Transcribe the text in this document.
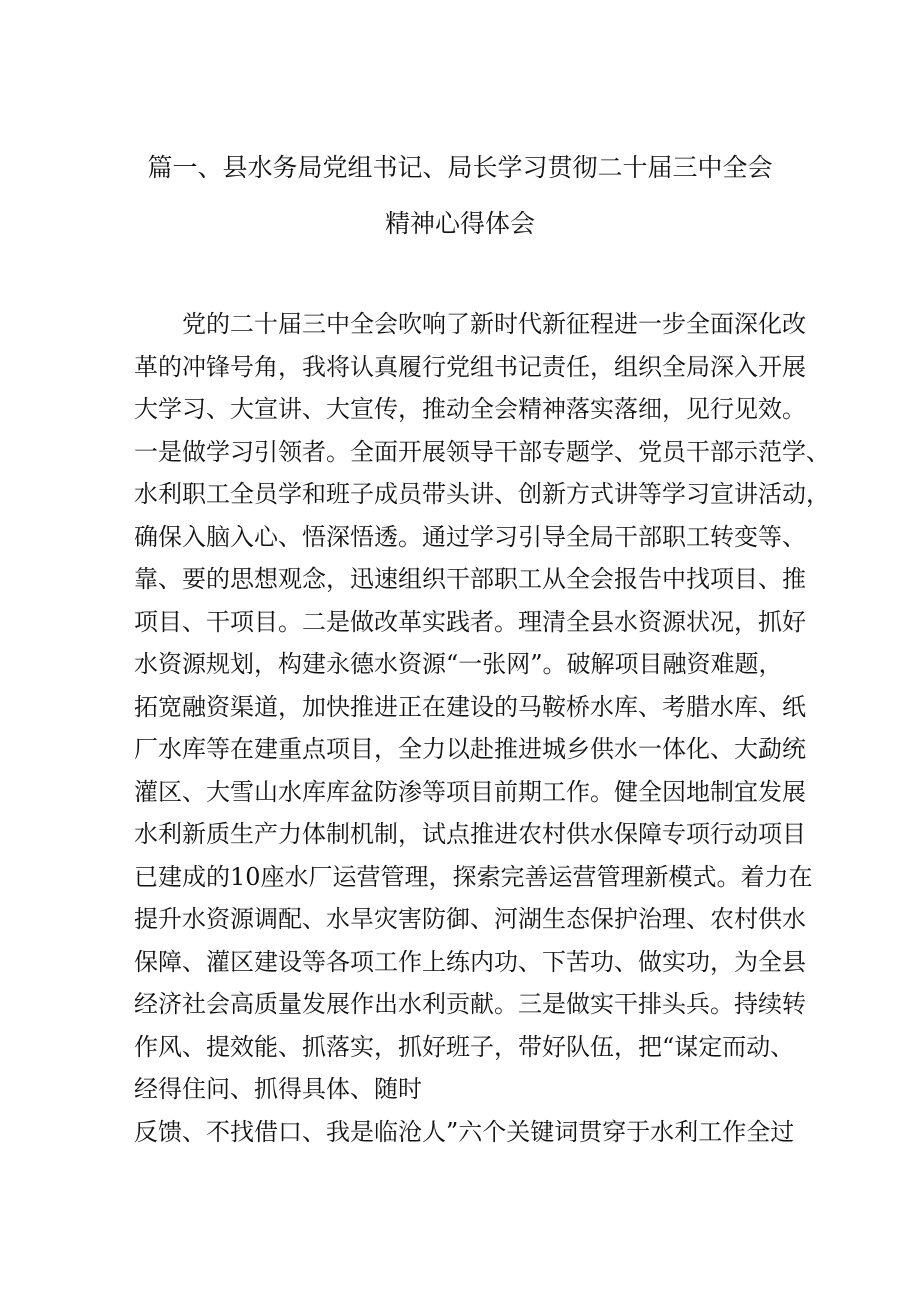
篇一、县水务局党组书记、局长学习贯彻二十届三中全会
精神心得体会
党的二十届三中全会吹响了新时代新征程进一步全面深化改
革的冲锋号角，我将认真履行党组书记责任，组织全局深入开展
大学习、大宣讲、大宣传，推动全会精神落实落细，见行见效。
一是做学习引领者。全面开展领导干部专题学、党员干部示范学、
水利职工全员学和班子成员带头讲、创新方式讲等学习宣讲活动，
确保入脑入心、悟深悟透。通过学习引导全局干部职工转变等、
靠、要的思想观念，迅速组织干部职工从全会报告中找项目、推
项目、干项目。二是做改革实践者。理清全县水资源状况，抓好
水资源规划，构建永德水资源“一张网”。破解项目融资难题，
拓宽融资渠道，加快推进正在建设的马鞍桥水库、考腊水库、纸
厂水库等在建重点项目，全力以赴推进城乡供水一体化、大勐统
灌区、大雪山水库库盆防渗等项目前期工作。健全因地制宜发展
水利新质生产力体制机制，试点推进农村供水保障专项行动项目
已建成的10座水厂运营管理，探索完善运营管理新模式。着力在
提升水资源调配、水旱灾害防御、河湖生态保护治理、农村供水
保障、灌区建设等各项工作上练内功、下苦功、做实功，为全县
经济社会高质量发展作出水利贡献。三是做实干排头兵。持续转
作风、提效能、抓落实，抓好班子，带好队伍，把“谋定而动、
经得住问、抓得具体、随时
反馈、不找借口、我是临沧人”六个关键词贯穿于水利工作全过
